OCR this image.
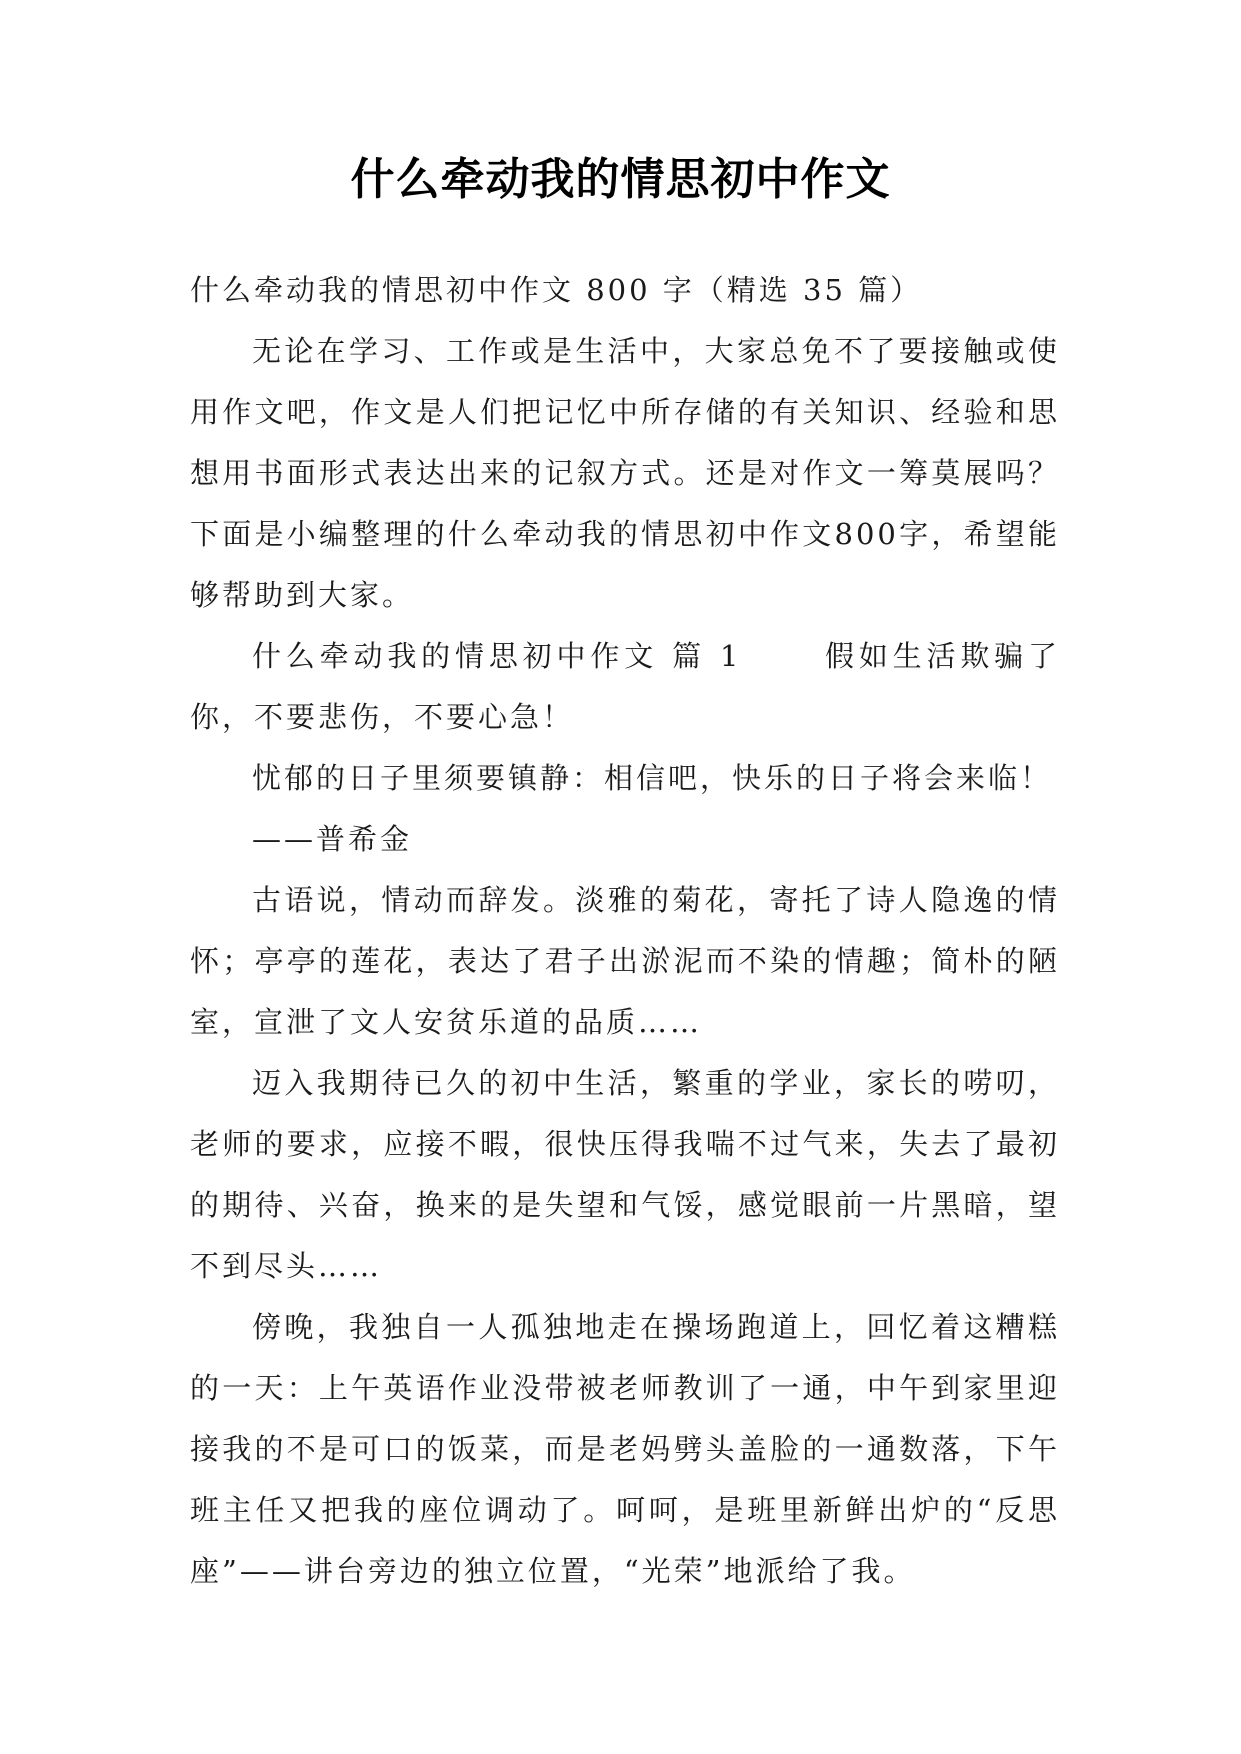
什么牵动我的情思初中作文

什么牵动我的情思初中作文 800 字（精选 35 篇）

无论在学习、工作或是生活中，大家总免不了要接触或使用作文吧，作文是人们把记忆中所存储的有关知识、经验和思想用书面形式表达出来的记叙方式。还是对作文一筹莫展吗？下面是小编整理的什么牵动我的情思初中作文800字，希望能够帮助到大家。

什么牵动我的情思初中作文 篇 1　　 假如生活欺骗了你，不要悲伤，不要心急！

忧郁的日子里须要镇静：相信吧，快乐的日子将会来临！

——普希金

古语说，情动而辞发。淡雅的菊花，寄托了诗人隐逸的情怀；亭亭的莲花，表达了君子出淤泥而不染的情趣；简朴的陋室，宣泄了文人安贫乐道的品质……

迈入我期待已久的初中生活，繁重的学业，家长的唠叨，老师的要求，应接不暇，很快压得我喘不过气来，失去了最初的期待、兴奋，换来的是失望和气馁，感觉眼前一片黑暗，望不到尽头……

傍晚，我独自一人孤独地走在操场跑道上，回忆着这糟糕的一天：上午英语作业没带被老师教训了一通，中午到家里迎接我的不是可口的饭菜，而是老妈劈头盖脸的一通数落，下午班主任又把我的座位调动了。呵呵，是班里新鲜出炉的“反思座”——讲台旁边的独立位置，“光荣”地派给了我。
